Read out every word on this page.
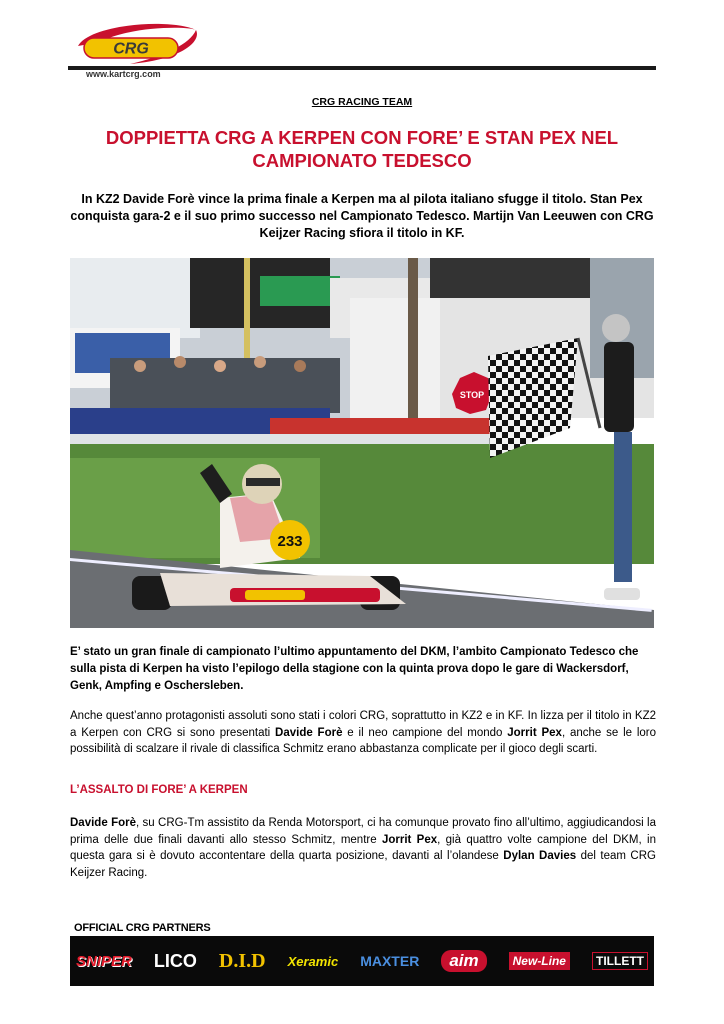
CRG
www.kartcrg.com
CRG RACING TEAM
DOPPIETTA CRG A KERPEN CON FORE’ E STAN PEX NEL CAMPIONATO TEDESCO
In KZ2 Davide Forè vince la prima finale a Kerpen ma al pilota italiano sfugge il titolo. Stan Pex conquista gara-2 e il suo primo successo nel Campionato Tedesco. Martijn Van Leeuwen con CRG Keijzer Racing sfiora il titolo in KF.
STOP
233
E’ stato un gran finale di campionato l’ultimo appuntamento del DKM, l’ambito Campionato Tedesco che sulla pista di Kerpen ha visto l’epilogo della stagione con la quinta prova dopo le gare di Wackersdorf, Genk, Ampfing e Oschersleben.
Anche quest’anno protagonisti assoluti sono stati i colori CRG, soprattutto in KZ2 e in KF. In lizza per il titolo in KZ2 a Kerpen con CRG si sono presentati Davide Forè e il neo campione del mondo Jorrit Pex, anche se le loro possibilità di scalzare il rivale di classifica Schmitz erano abbastanza complicate per il gioco degli scarti.
L’ASSALTO DI FORE’ A KERPEN
Davide Forè, su CRG-Tm assistito da Renda Motorsport, ci ha comunque provato fino all’ultimo, aggiudicandosi la prima delle due finali davanti allo stesso Schmitz, mentre Jorrit Pex, già quattro volte campione del DKM, in questa gara si è dovuto accontentare della quarta posizione, davanti al l’olandese Dylan Davies del team CRG Keijzer Racing.
OFFICIAL CRG PARTNERS
SNIPER LICO D.I.D Xeramic MAXTER	aim	New-Line	TILLETT
